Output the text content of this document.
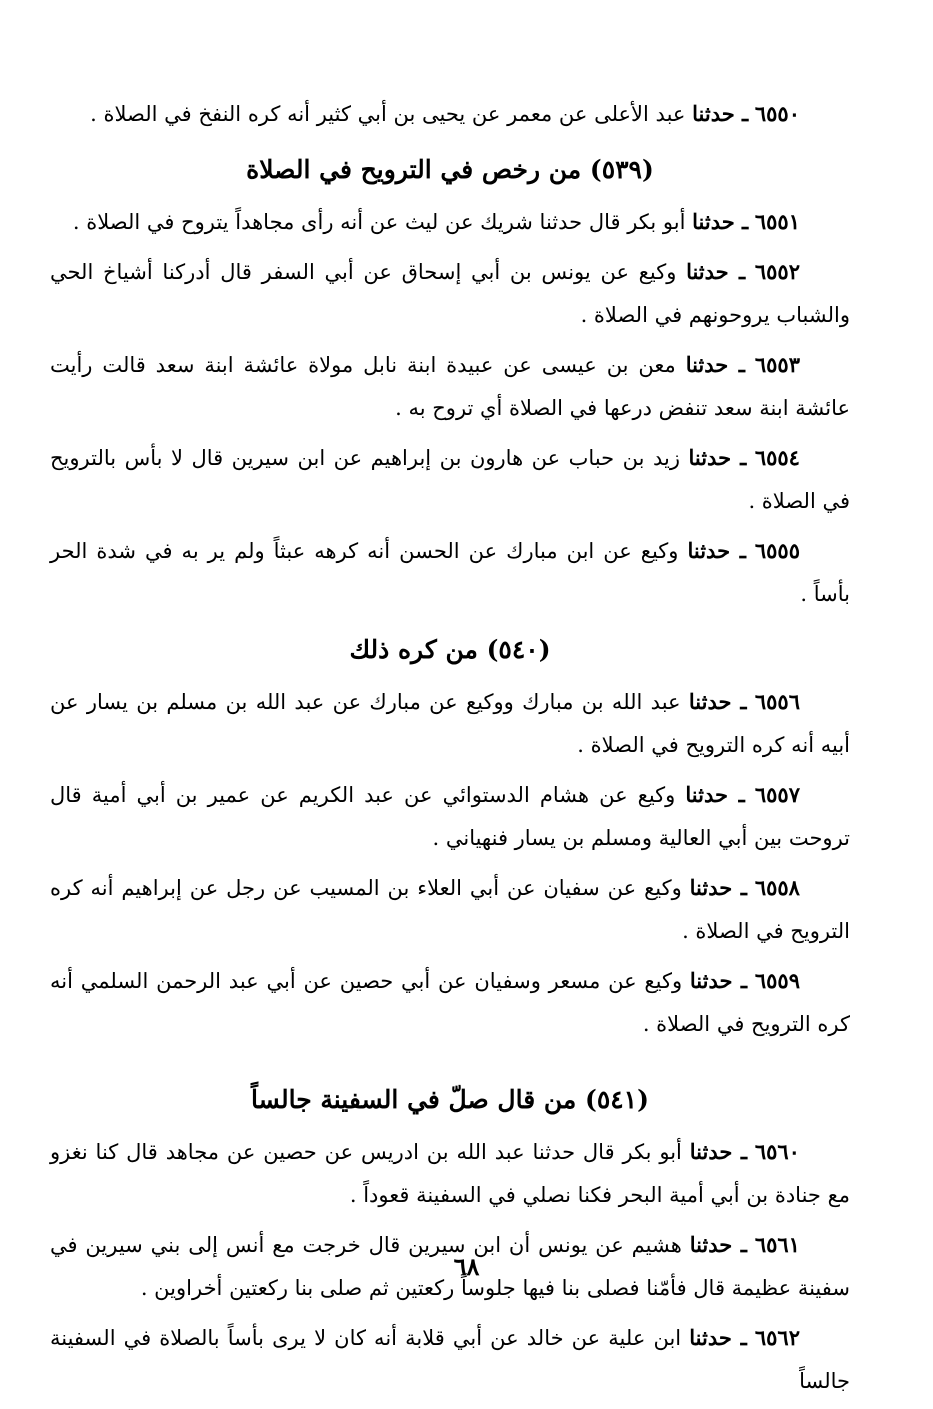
٦٥٥٠ ـ حدثنا عبد الأعلى عن معمر عن يحيى بن أبي كثير أنه كره النفخ في الصلاة .

(٥٣٩) من رخص في الترويح في الصلاة

٦٥٥١ ـ حدثنا أبو بكر قال حدثنا شريك عن ليث عن أنه رأى مجاهداً يتروح في الصلاة .

٦٥٥٢ ـ حدثنا وكيع عن يونس بن أبي إسحاق عن أبي السفر قال أدركنا أشياخ الحي والشباب يروحونهم في الصلاة .

٦٥٥٣ ـ حدثنا معن بن عيسى عن عبيدة ابنة نابل مولاة عائشة ابنة سعد قالت رأيت عائشة ابنة سعد تنفض درعها في الصلاة أي تروح به .

٦٥٥٤ ـ حدثنا زيد بن حباب عن هارون بن إبراهيم عن ابن سيرين قال لا بأس بالترويح في الصلاة .

٦٥٥٥ ـ حدثنا وكيع عن ابن مبارك عن الحسن أنه كرهه عبثاً ولم ير به في شدة الحر بأساً .

(٥٤٠) من كره ذلك

٦٥٥٦ ـ حدثنا عبد الله بن مبارك ووكيع عن مبارك عن عبد الله بن مسلم بن يسار عن أبيه أنه كره الترويح في الصلاة .

٦٥٥٧ ـ حدثنا وكيع عن هشام الدستوائي عن عبد الكريم عن عمير بن أبي أمية قال تروحت بين أبي العالية ومسلم بن يسار فنهياني .

٦٥٥٨ ـ حدثنا وكيع عن سفيان عن أبي العلاء بن المسيب عن رجل عن إبراهيم أنه كره الترويح في الصلاة .

٦٥٥٩ ـ حدثنا وكيع عن مسعر وسفيان عن أبي حصين عن أبي عبد الرحمن السلمي أنه كره الترويح في الصلاة .

(٥٤١) من قال صلّ في السفينة جالساً

٦٥٦٠ ـ حدثنا أبو بكر قال حدثنا عبد الله بن ادريس عن حصين عن مجاهد قال كنا نغزو مع جنادة بن أبي أمية البحر فكنا نصلي في السفينة قعوداً .

٦٥٦١ ـ حدثنا هشيم عن يونس أن ابن سيرين قال خرجت مع أنس إلى بني سيرين في سفينة عظيمة قال فأمّنا فصلى بنا فيها جلوساً ركعتين ثم صلى بنا ركعتين أخراوين .

٦٥٦٢ ـ حدثنا ابن علية عن خالد عن أبي قلابة أنه كان لا يرى بأساً بالصلاة في السفينة جالساً

٦٨
